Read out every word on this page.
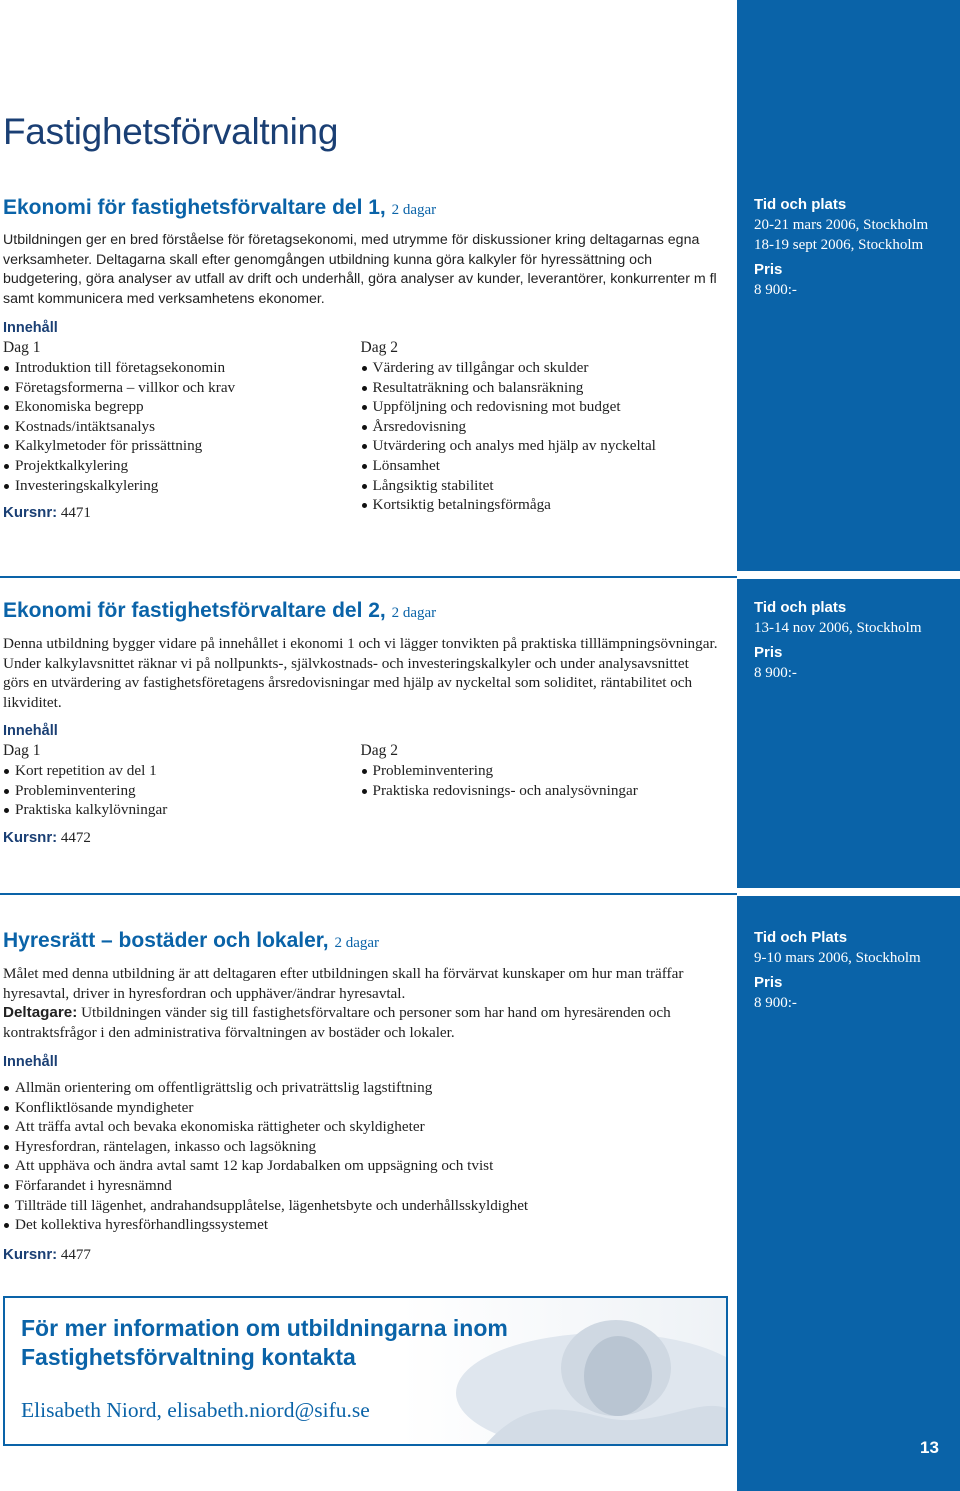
Tid och plats
20-21 mars 2006, Stockholm
18-19 sept 2006, Stockholm
Pris
8 900:-
Tid och plats
13-14 nov 2006, Stockholm
Pris
8 900:-
Tid och Plats
9-10 mars 2006, Stockholm
Pris
8 900:-
13
Fastighetsförvaltning
Ekonomi för fastighetsförvaltare del 1, 2 dagar

Utbildningen ger en bred förståelse för företagsekonomi, med utrymme för diskussioner kring deltagarnas egna verksamheter. Deltagarna skall efter genomgången utbildning kunna göra kalkyler för hyressättning och budgetering, göra analyser av utfall av drift och underhåll, göra analyser av kunder, leverantörer, konkurrenter m fl samt kommunicera med verksamhetens ekonomer.

Innehåll
Dag 1
Introduktion till företagsekonomin
Företagsformerna – villkor och krav
Ekonomiska begrepp
Kostnads/intäktsanalys
Kalkylmetoder för prissättning
Projektkalkylering
Investeringskalkylering
Kursnr: 4471
Dag 2
Värdering av tillgångar och skulder
Resultaträkning och balansräkning
Uppföljning och redovisning mot budget
Årsredovisning
Utvärdering och analys med hjälp av nyckeltal
Lönsamhet
Långsiktig stabilitet
Kortsiktig betalningsförmåga
Ekonomi för fastighetsförvaltare del 2, 2 dagar

Denna utbildning bygger vidare på innehållet i ekonomi 1 och vi lägger tonvikten på praktiska tilllämpningsövningar. Under kalkylavsnittet räknar vi på nollpunkts-, självkostnads- och investeringskalkyler och under analysavsnittet görs en utvärdering av fastighetsföretagens årsredovisningar med hjälp av nyckeltal som soliditet, räntabilitet och likviditet.

Innehåll
Dag 1
Kort repetition av del 1
Probleminventering
Praktiska kalkylövningar
Kursnr: 4472
Dag 2
Probleminventering
Praktiska redovisnings- och analysövningar
Hyresrätt – bostäder och lokaler, 2 dagar

Målet med denna utbildning är att deltagaren efter utbildningen skall ha förvärvat kunskaper om hur man träffar hyresavtal, driver in hyresfordran och upphäver/ändrar hyresavtal.

Deltagare: Utbildningen vänder sig till fastighetsförvaltare och personer som har hand om hyresärenden och kontraktsfrågor i den administrativa förvaltningen av bostäder och lokaler.

Innehåll
Allmän orientering om offentligrättslig och privaträttslig lagstiftning
Konfliktlösande myndigheter
Att träffa avtal och bevaka ekonomiska rättigheter och skyldigheter
Hyresfordran, räntelagen, inkasso och lagsökning
Att upphäva och ändra avtal samt 12 kap Jordabalken om uppsägning och tvist
Förfarandet i hyresnämnd
Tillträde till lägenhet, andrahandsupplåtelse, lägenhetsbyte och underhållsskyldighet
Det kollektiva hyresförhandlingssystemet
Kursnr: 4477
För mer information om utbildningarna inom
Fastighetsförvaltning kontakta
Elisabeth Niord, elisabeth.niord@sifu.se
